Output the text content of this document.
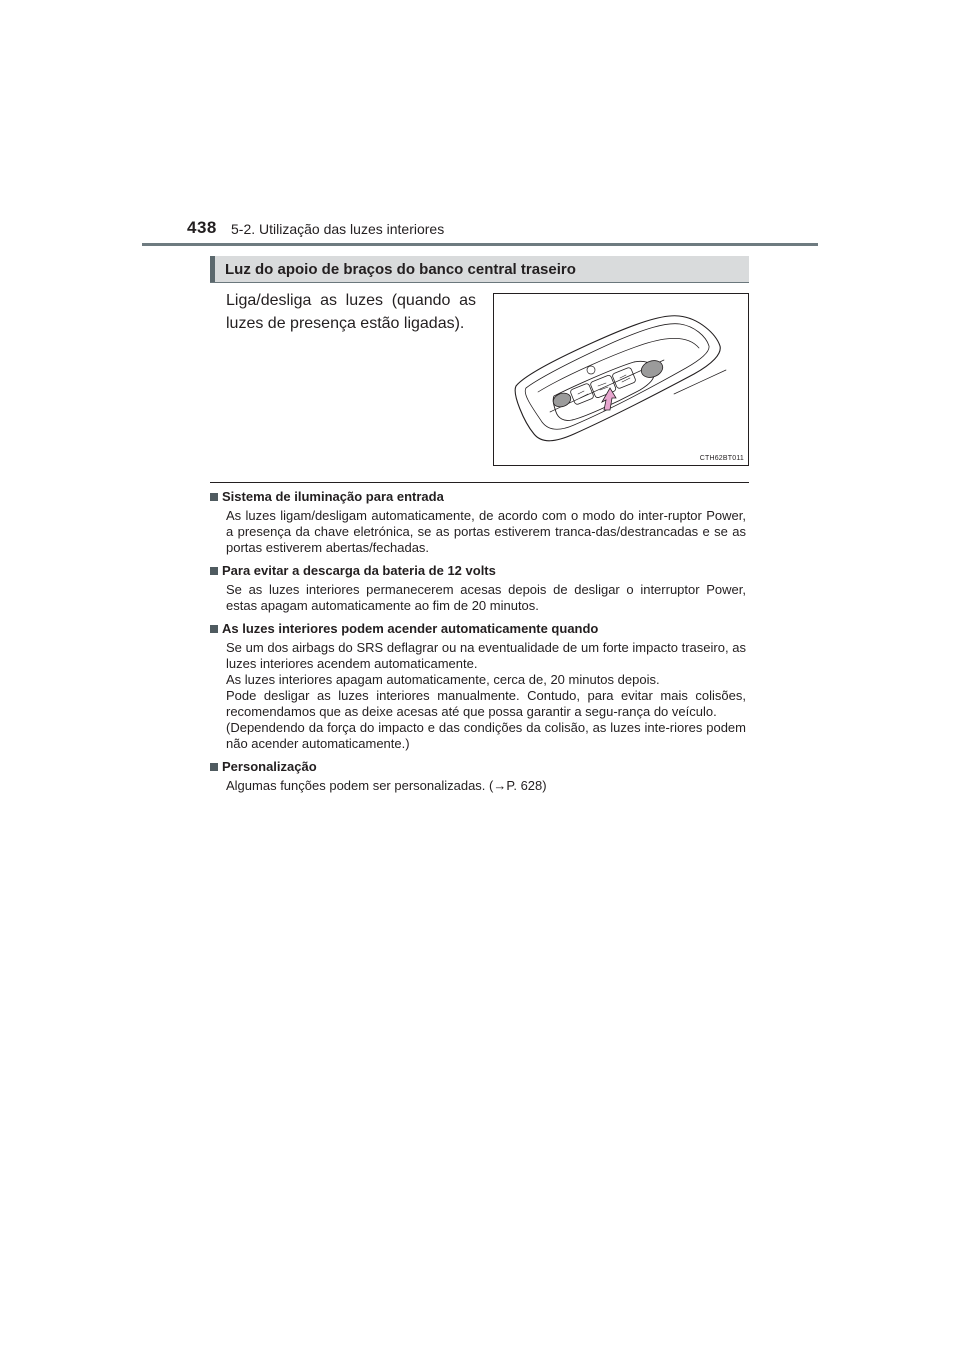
438 5-2. Utilização das luzes interiores
Luz do apoio de braços do banco central traseiro
Liga/desliga as luzes (quando as luzes de presença estão ligadas).
CTH62BT011
Sistema de iluminação para entrada

As luzes ligam/desligam automaticamente, de acordo com o modo do inter-ruptor Power, a presença da chave eletrónica, se as portas estiverem tranca-das/destrancadas e se as portas estiverem abertas/fechadas.

Para evitar a descarga da bateria de 12 volts

Se as luzes interiores permanecerem acesas depois de desligar o interruptor Power, estas apagam automaticamente ao fim de 20 minutos.

As luzes interiores podem acender automaticamente quando

Se um dos airbags do SRS deflagrar ou na eventualidade de um forte impacto traseiro, as luzes interiores acendem automaticamente.

As luzes interiores apagam automaticamente, cerca de, 20 minutos depois.

Pode desligar as luzes interiores manualmente. Contudo, para evitar mais colisões, recomendamos que as deixe acesas até que possa garantir a segu-rança do veículo.

(Dependendo da força do impacto e das condições da colisão, as luzes inte-riores podem não acender automaticamente.)

Personalização

Algumas funções podem ser personalizadas. (→P. 628)
